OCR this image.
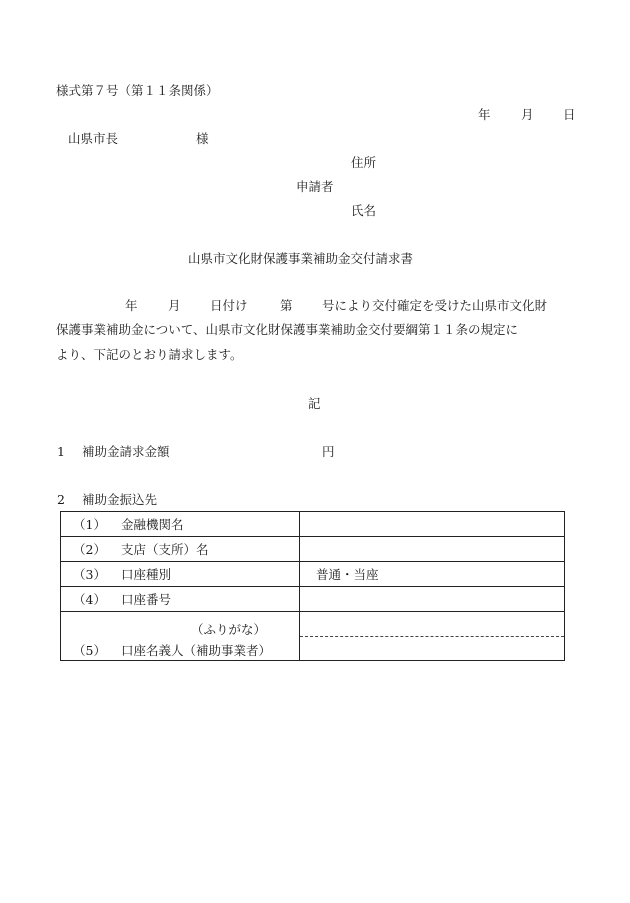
様式第７号（第１１条関係）
年 月 日
山県市長	様
住所
申請者
氏名
山県市文化財保護事業補助金交付請求書
年 月 日付け	第 号により交付確定を受けた山県市文化財
保護事業補助金について、山県市文化財保護事業補助金交付要綱第１１条の規定に
より、下記のとおり請求します。
記
1 補助金請求金額	円
2 補助金振込先
（1） 金融機関名	
（2） 支店（支所）名	
（3） 口座種別	普通・当座
（4） 口座番号	

（ふりがな）
（5） 口座名義人（補助事業者）	
